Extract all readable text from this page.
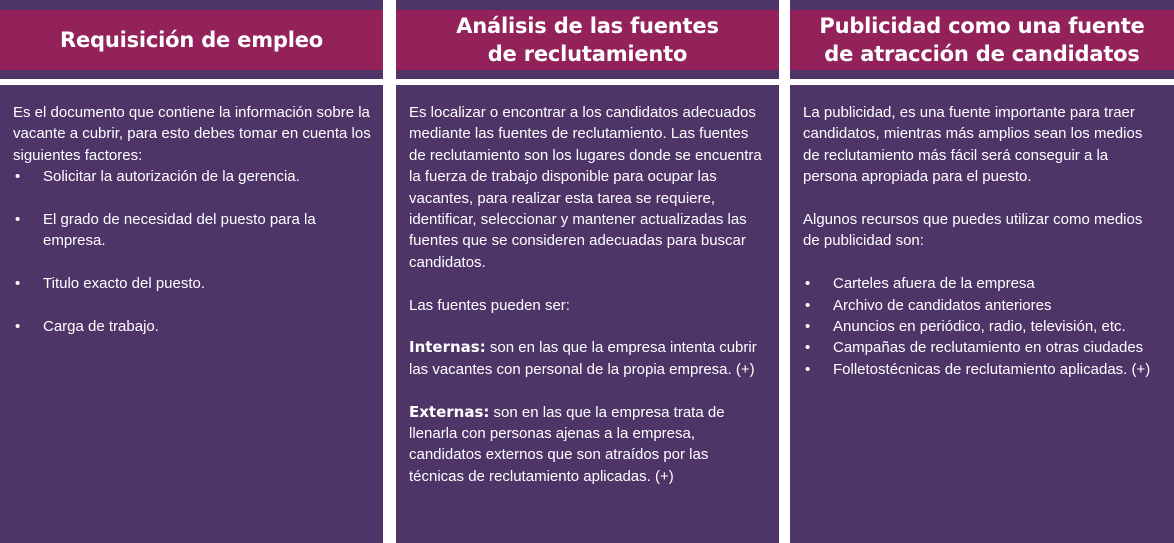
Requisición de empleo

Es el documento que contiene la información sobre la vacante a cubrir, para esto debes tomar en cuenta los siguientes factores:

• Solicitar la autorización de la gerencia.
• El grado de necesidad del puesto para la empresa.
• Titulo exacto del puesto.
• Carga de trabajo.
Análisis de las fuentes
de reclutamiento

Es localizar o encontrar a los candidatos adecuados mediante las fuentes de reclutamiento. Las fuentes de reclutamiento son los lugares donde se encuentra la fuerza de trabajo disponible para ocupar las vacantes, para realizar esta tarea se requiere, identificar, seleccionar y mantener actualizadas las fuentes que se consideren adecuadas para buscar candidatos.

Las fuentes pueden ser:

Internas: son en las que la empresa intenta cubrir las vacantes con personal de la propia empresa. (+)

Externas: son en las que la empresa trata de llenarla con personas ajenas a la empresa, candidatos externos que son atraídos por las técnicas de reclutamiento aplicadas. (+)

Publicidad como una fuente
de atracción de candidatos

La publicidad, es una fuente importante para traer candidatos, mientras más amplios sean los medios de reclutamiento más fácil será conseguir a la persona apropiada para el puesto.

Algunos recursos que puedes utilizar como medios de publicidad son:

• Carteles afuera de la empresa
• Archivo de candidatos anteriores
• Anuncios en periódico, radio, televisión, etc.
• Campañas de reclutamiento en otras ciudades
• Folletostécnicas de reclutamiento aplicadas. (+)
